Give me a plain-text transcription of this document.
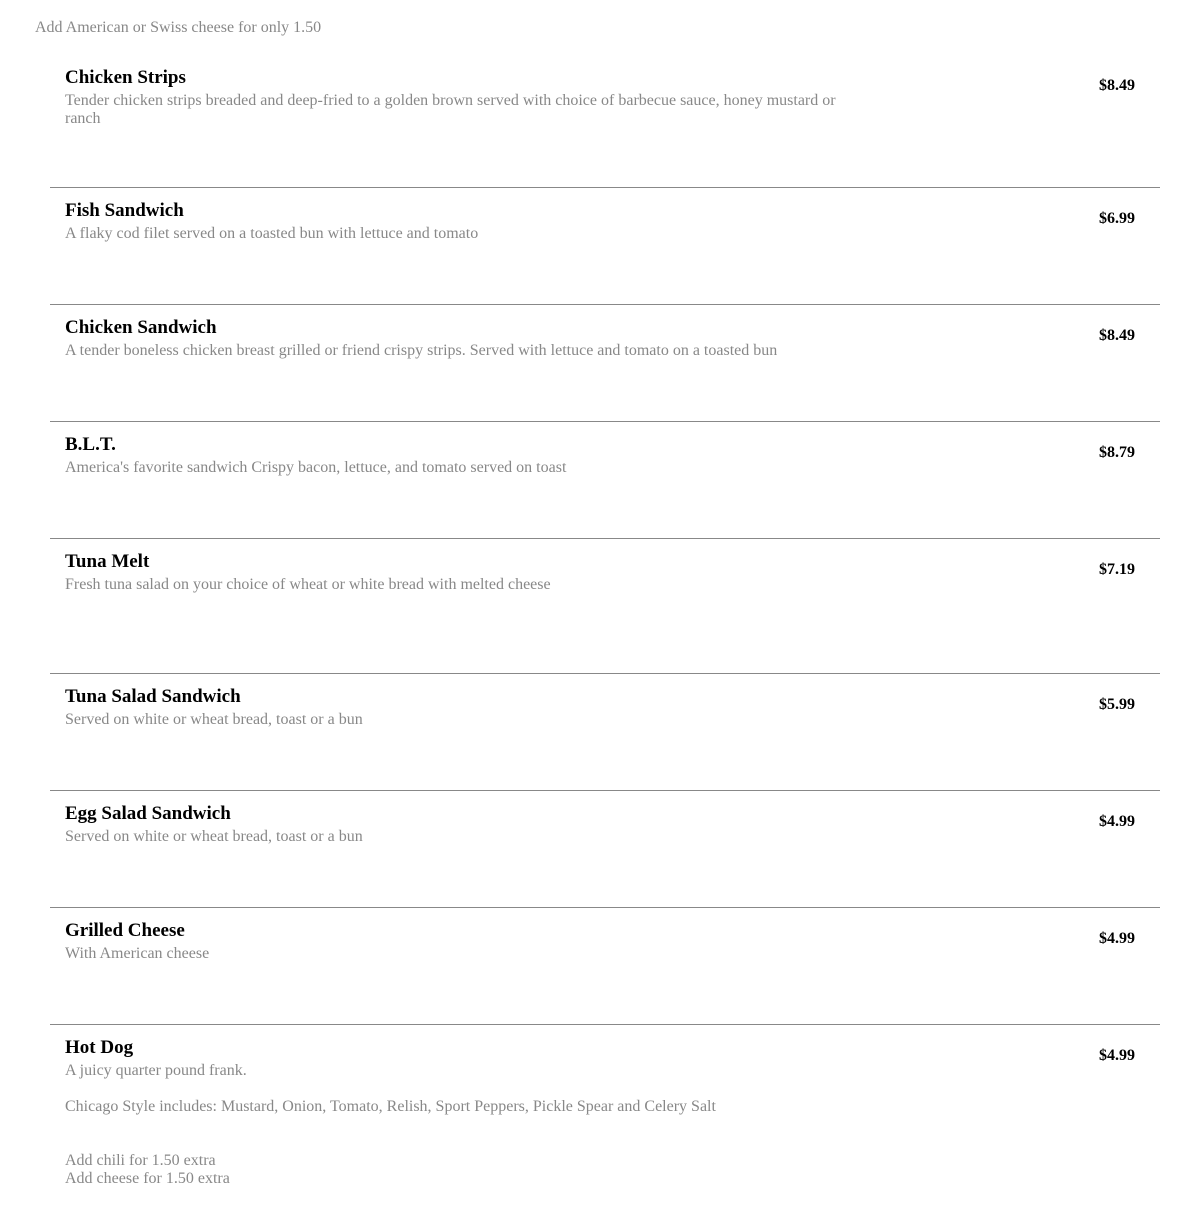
Add American or Swiss cheese for only 1.50
Chicken Strips
Tender chicken strips breaded and deep-fried to a golden brown served with choice of barbecue sauce, honey mustard or ranch
$8.49
Fish Sandwich
A flaky cod filet served on a toasted bun with lettuce and tomato
$6.99
Chicken Sandwich
A tender boneless chicken breast grilled or friend crispy strips. Served with lettuce and tomato on a toasted bun
$8.49
B.L.T.
America's favorite sandwich Crispy bacon, lettuce, and tomato served on toast
$8.79
Tuna Melt
Fresh tuna salad on your choice of wheat or white bread with melted cheese
$7.19
Tuna Salad Sandwich
Served on white or wheat bread, toast or a bun
$5.99
Egg Salad Sandwich
Served on white or wheat bread, toast or a bun
$4.99
Grilled Cheese
With American cheese
$4.99
Hot Dog
A juicy quarter pound frank.
Chicago Style includes: Mustard, Onion, Tomato, Relish, Sport Peppers, Pickle Spear and Celery Salt
Add chili for 1.50 extra
Add cheese for 1.50 extra
$4.99
